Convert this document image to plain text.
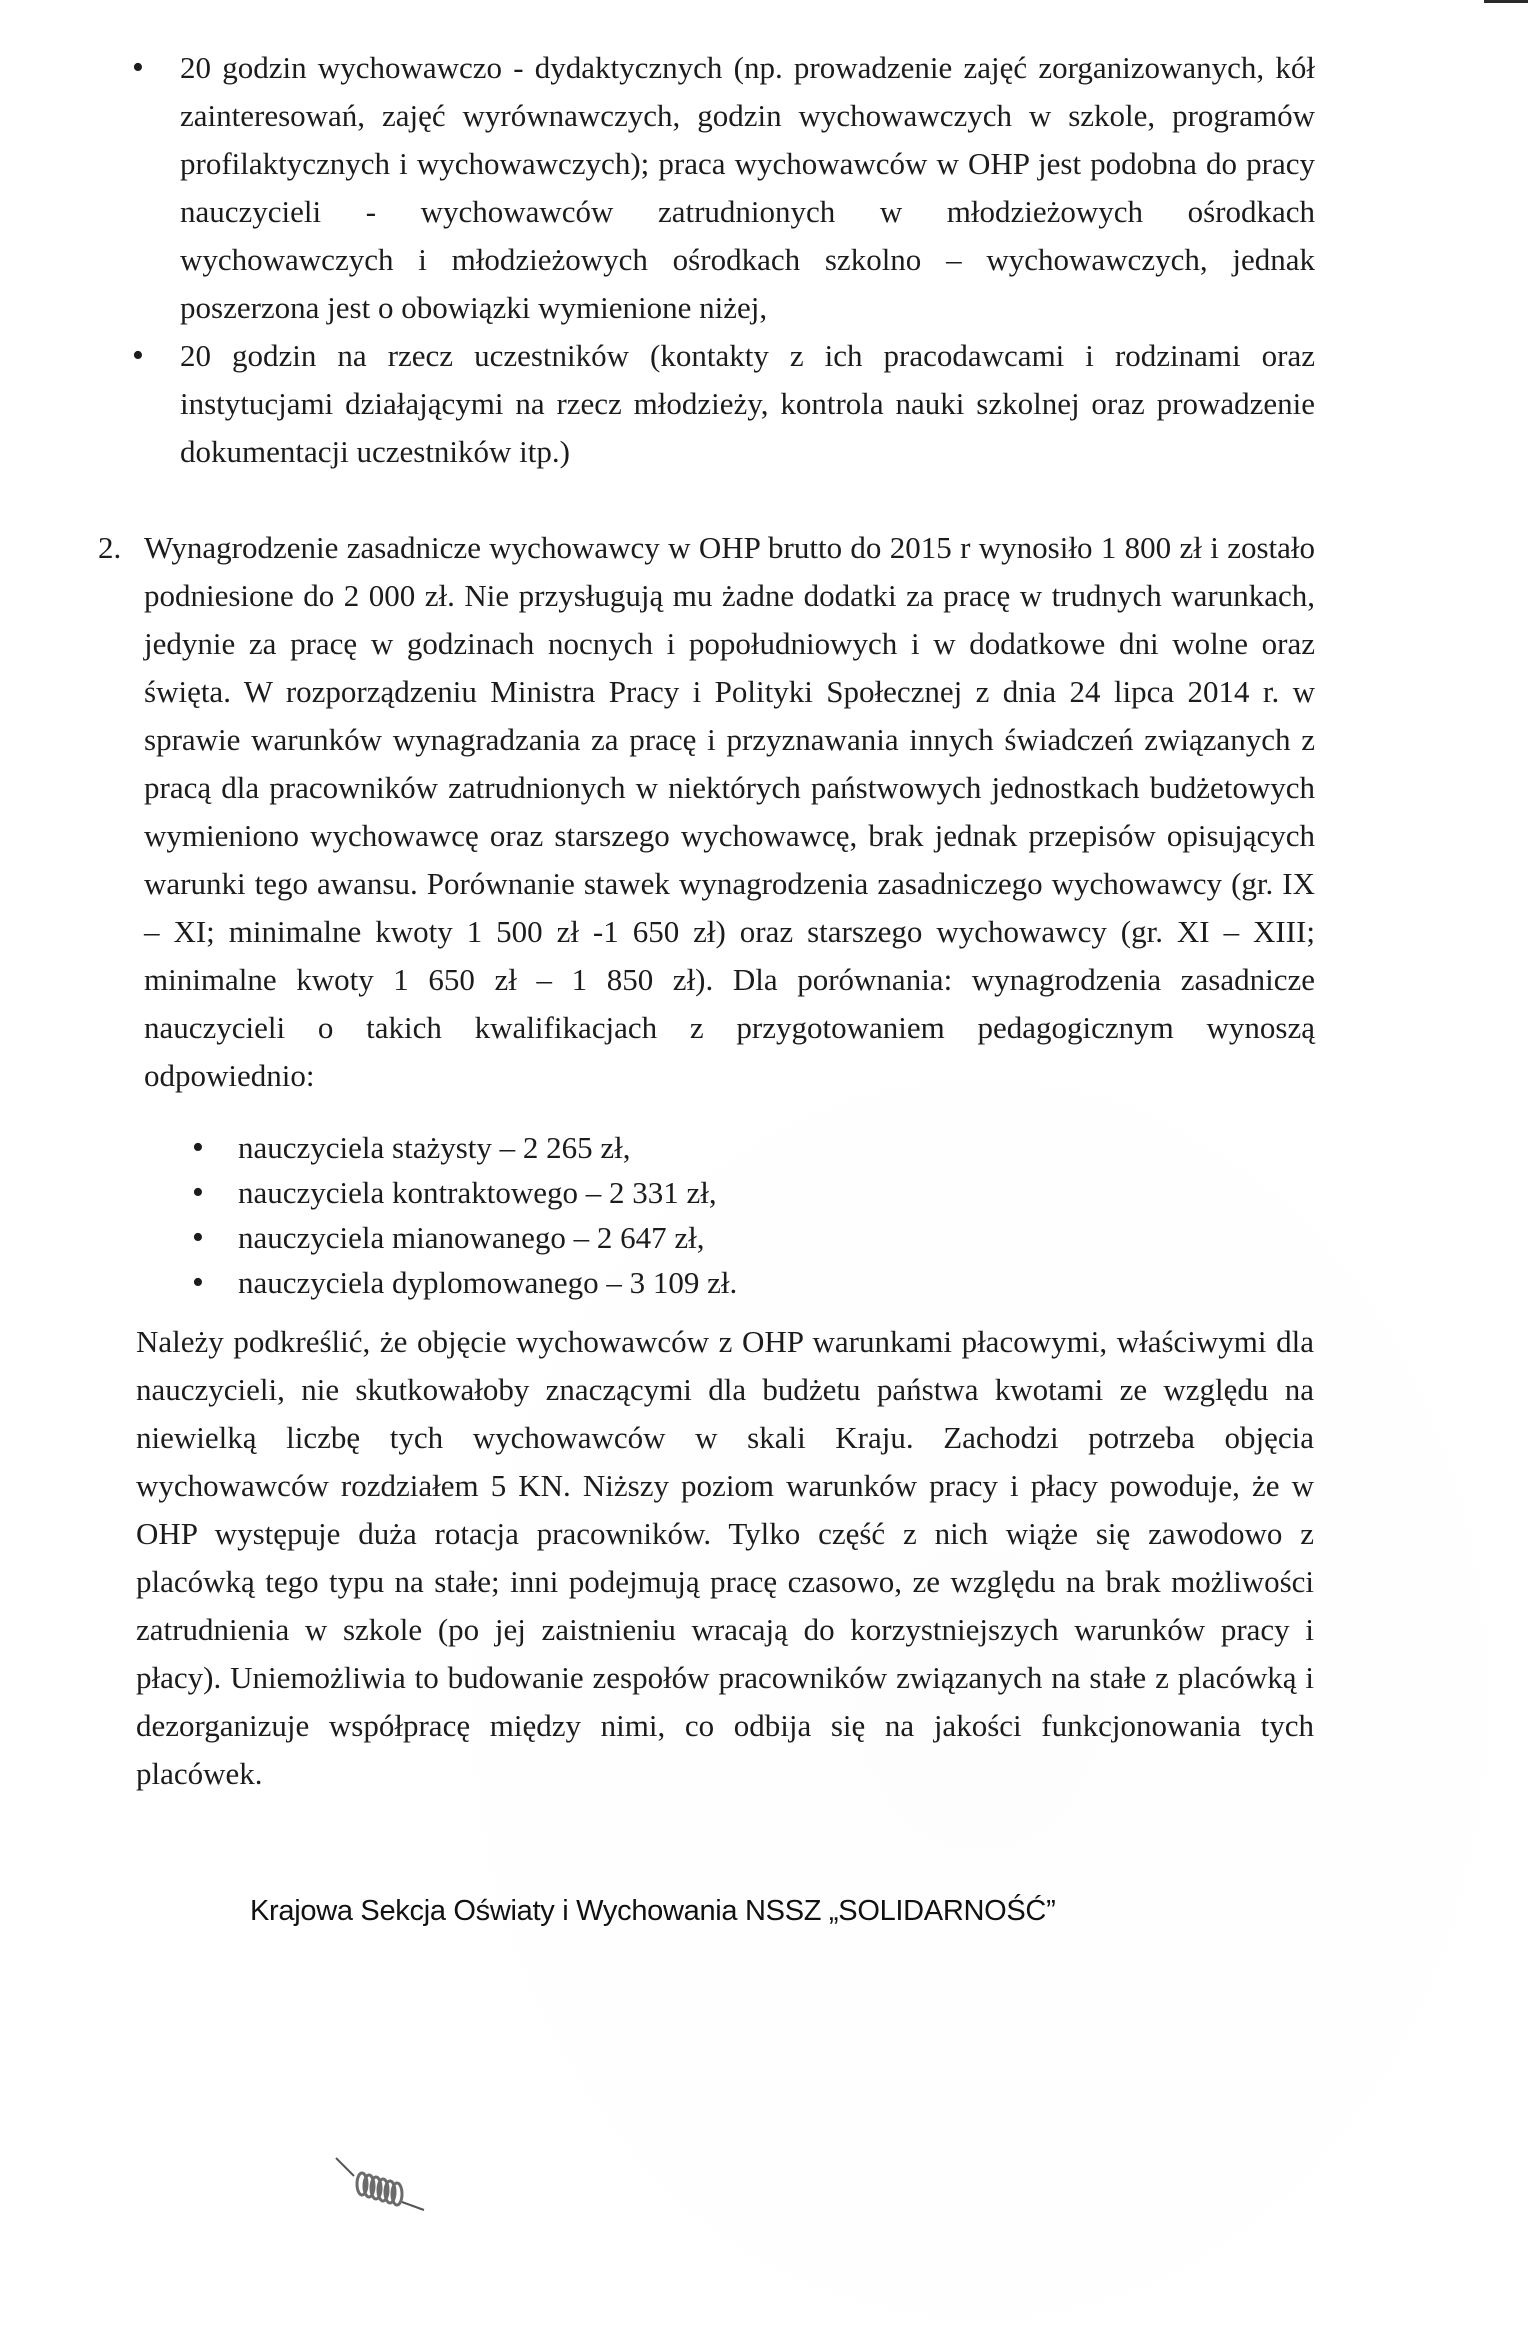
• 20 godzin wychowawczo - dydaktycznych (np. prowadzenie zajęć zorganizowanych, kół zainteresowań, zajęć wyrównawczych, godzin wychowawczych w szkole, programów profilaktycznych i wychowawczych); praca wychowawców w OHP jest podobna do pracy nauczycieli - wychowawców zatrudnionych w młodzieżowych ośrodkach wychowawczych i młodzieżowych ośrodkach szkolno – wychowawczych, jednak poszerzona jest o obowiązki wymienione niżej,
• 20 godzin na rzecz uczestników (kontakty z ich pracodawcami i rodzinami oraz instytucjami działającymi na rzecz młodzieży, kontrola nauki szkolnej oraz prowadzenie dokumentacji uczestników itp.)
2. Wynagrodzenie zasadnicze wychowawcy w OHP brutto do 2015 r wynosiło 1 800 zł i zostało podniesione do 2 000 zł. Nie przysługują mu żadne dodatki za pracę w trudnych warunkach, jedynie za pracę w godzinach nocnych i popołudniowych i w dodatkowe dni wolne oraz święta. W rozporządzeniu Ministra Pracy i Polityki Społecznej z dnia 24 lipca 2014 r. w sprawie warunków wynagradzania za pracę i przyznawania innych świadczeń związanych z pracą dla pracowników zatrudnionych w niektórych państwowych jednostkach budżetowych wymieniono wychowawcę oraz starszego wychowawcę, brak jednak przepisów opisujących warunki tego awansu. Porównanie stawek wynagrodzenia zasadniczego wychowawcy (gr. IX – XI; minimalne kwoty 1 500 zł -1 650 zł) oraz starszego wychowawcy (gr. XI – XIII; minimalne kwoty 1 650 zł – 1 850 zł). Dla porównania: wynagrodzenia zasadnicze nauczycieli o takich kwalifikacjach z przygotowaniem pedagogicznym wynoszą odpowiednio:
• nauczyciela stażysty – 2 265 zł,
• nauczyciela kontraktowego – 2 331 zł,
• nauczyciela mianowanego – 2 647 zł,
• nauczyciela dyplomowanego – 3 109 zł.
Należy podkreślić, że objęcie wychowawców z OHP warunkami płacowymi, właściwymi dla nauczycieli, nie skutkowałoby znaczącymi dla budżetu państwa kwotami ze względu na niewielką liczbę tych wychowawców w skali Kraju. Zachodzi potrzeba objęcia wychowawców rozdziałem 5 KN. Niższy poziom warunków pracy i płacy powoduje, że w OHP występuje duża rotacja pracowników. Tylko część z nich wiąże się zawodowo z placówką tego typu na stałe; inni podejmują pracę czasowo, ze względu na brak możliwości zatrudnienia w szkole (po jej zaistnieniu wracają do korzystniejszych warunków pracy i płacy). Uniemożliwia to budowanie zespołów pracowników związanych na stałe z placówką i dezorganizuje współpracę między nimi, co odbija się na jakości funkcjonowania tych placówek.
Krajowa Sekcja Oświaty i Wychowania NSSZ „SOLIDARNOŚĆ”
